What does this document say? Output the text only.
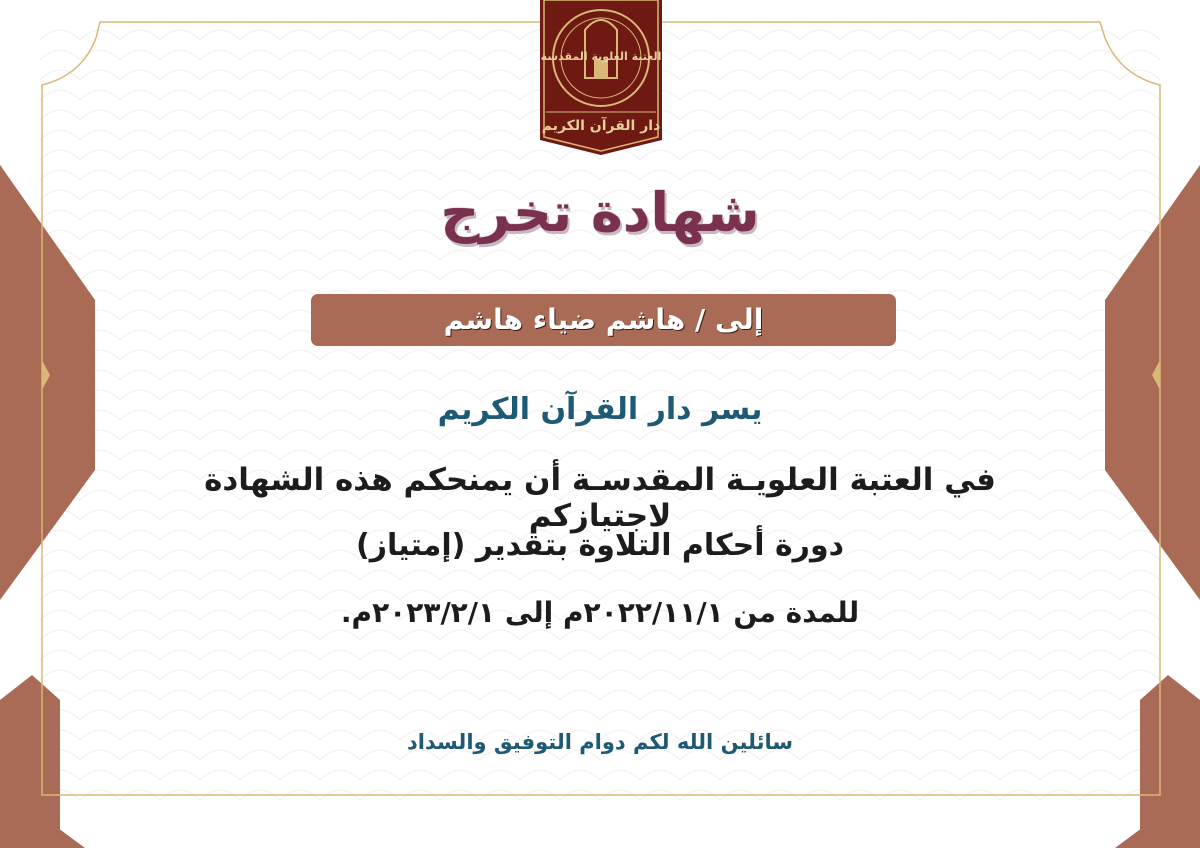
العتبة العلوية المقدسة
دار القرآن الكريم
شهادة تخرج
إلى / هاشم ضياء هاشم
يسر دار القرآن الكريم
في العتبة العلويـة المقدسـة أن يمنحكم هذه الشهادة لاجتيازكم
دورة أحكام التلاوة بتقدير (إمتياز)
للمدة من ٢٠٢٢/١١/١م إلى ٢٠٢٣/٢/١م.
سائلين الله لكم دوام التوفيق والسداد
